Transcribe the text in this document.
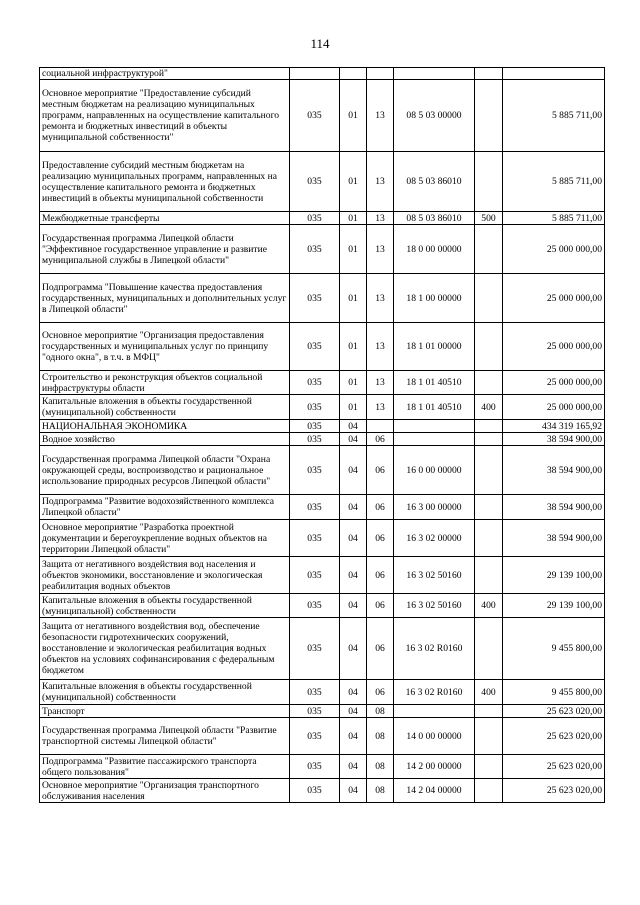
114
социальной инфраструктурой"						
Основное мероприятие "Предоставление субсидий местным бюджетам на реализацию муниципальных программ, направленных на осуществление капитального ремонта и бюджетных инвестиций в объекты муниципальной собственности"	035	01	13	08 5 03 00000		5 885 711,00
Предоставление субсидий местным бюджетам на реализацию муниципальных программ, направленных на осуществление капитального ремонта и бюджетных инвестиций в объекты муниципальной собственности	035	01	13	08 5 03 86010		5 885 711,00
Межбюджетные трансферты	035	01	13	08 5 03 86010	500	5 885 711,00
Государственная программа Липецкой области "Эффективное государственное управление и развитие муниципальной службы в Липецкой области"	035	01	13	18 0 00 00000		25 000 000,00
Подпрограмма "Повышение качества предоставления государственных, муниципальных и дополнительных услуг в Липецкой области"	035	01	13	18 1 00 00000		25 000 000,00
Основное мероприятие "Организация предоставления государственных и муниципальных услуг по принципу "одного окна", в т.ч. в МФЦ"	035	01	13	18 1 01 00000		25 000 000,00
Строительство и реконструкция объектов социальной инфраструктуры области	035	01	13	18 1 01 40510		25 000 000,00
Капитальные вложения в объекты государственной (муниципальной) собственности	035	01	13	18 1 01 40510	400	25 000 000,00
НАЦИОНАЛЬНАЯ ЭКОНОМИКА	035	04				434 319 165,92
Водное хозяйство	035	04	06			38 594 900,00
Государственная программа Липецкой области "Охрана окружающей среды, воспроизводство и рациональное использование природных ресурсов Липецкой области"	035	04	06	16 0 00 00000		38 594 900,00
Подпрограмма "Развитие водохозяйственного комплекса Липецкой области"	035	04	06	16 3 00 00000		38 594 900,00
Основное мероприятие "Разработка проектной документации и берегоукрепление водных объектов на территории Липецкой области"	035	04	06	16 3 02 00000		38 594 900,00
Защита от негативного воздействия вод населения и объектов экономики, восстановление и экологическая реабилитация водных объектов	035	04	06	16 3 02 50160		29 139 100,00
Капитальные вложения в объекты государственной (муниципальной) собственности	035	04	06	16 3 02 50160	400	29 139 100,00
Защита от негативного воздействия вод, обеспечение безопасности гидротехнических сооружений, восстановление и экологическая реабилитация водных объектов на условиях софинансирования с федеральным бюджетом	035	04	06	16 3 02 R0160		9 455 800,00
Капитальные вложения в объекты государственной (муниципальной) собственности	035	04	06	16 3 02 R0160	400	9 455 800,00
Транспорт	035	04	08			25 623 020,00
Государственная программа Липецкой области "Развитие транспортной системы Липецкой области"	035	04	08	14 0 00 00000		25 623 020,00
Подпрограмма "Развитие пассажирского транспорта общего пользования"	035	04	08	14 2 00 00000		25 623 020,00
Основное мероприятие "Организация транспортного обслуживания населения	035	04	08	14 2 04 00000		25 623 020,00
